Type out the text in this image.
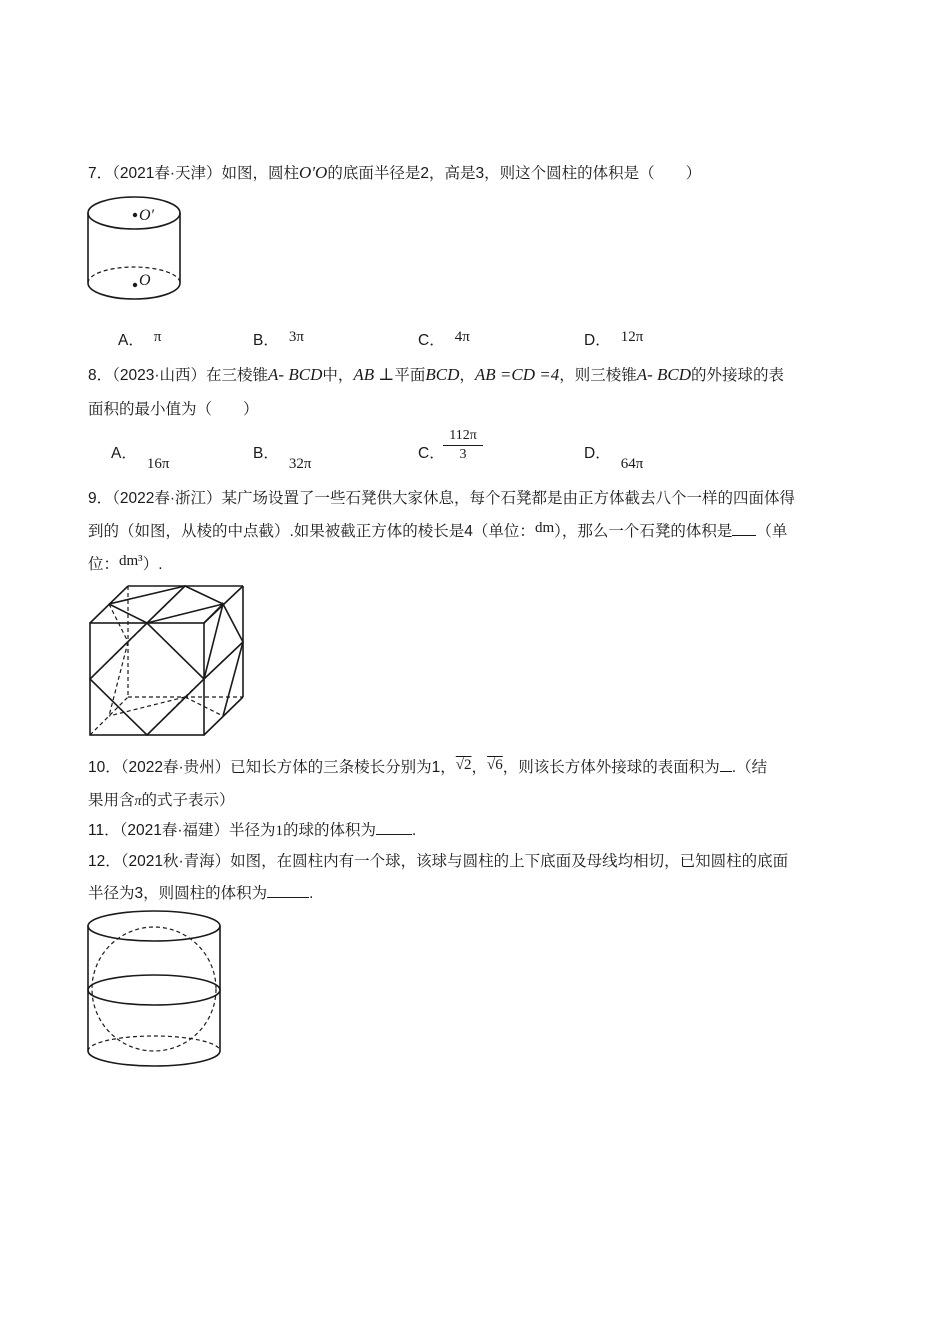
7．（2021春·天津）如图，圆柱O′O的底面半径是2，高是3，则这个圆柱的体积是（　　）
O′
O
A． π	B． 3π	C． 4π	D． 12π
8．（2023·山西）在三棱锥A- BCD中，AB ⊥平面BCD，AB =CD =4，则三棱锥A- BCD的外接球的表
面积的最小值为（　　）
A．16π
B．32π
C．
$\frac{112\pi}{3}$	D．64π
9．（2022春·浙江）某广场设置了一些石凳供大家休息，每个石凳都是由正方体截去八个一样的四面体得
到的（如图，从棱的中点截）.如果被截正方体的棱长是4（单位：dm），那么一个石凳的体积是 （单
位：dm³）.
10．（2022春·贵州）已知长方体的三条棱长分别为1，√2，√6，则该长方体外接球的表面积为 .（结
果用含π的式子表示）
11．（2021春·福建）半径为1的球的体积为 .
12．（2021秋·青海）如图，在圆柱内有一个球，该球与圆柱的上下底面及母线均相切，已知圆柱的底面
半径为3，则圆柱的体积为	.
